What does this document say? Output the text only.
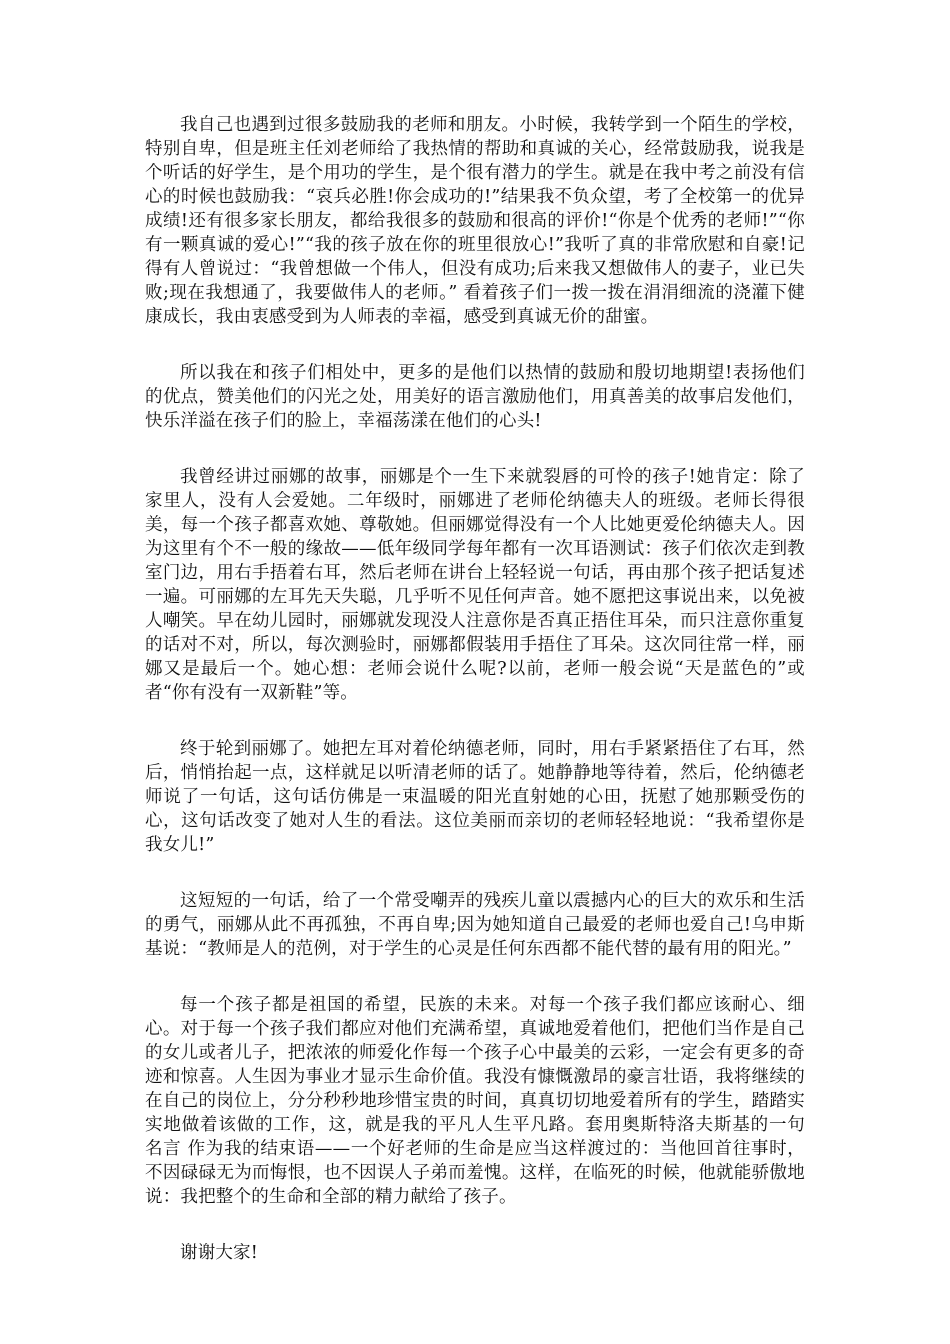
我自己也遇到过很多鼓励我的老师和朋友。小时候，我转学到一个陌生的学校，特别自卑，但是班主任刘老师给了我热情的帮助和真诚的关心，经常鼓励我，说我是个听话的好学生，是个用功的学生，是个很有潜力的学生。就是在我中考之前没有信心的时候也鼓励我：“哀兵必胜!你会成功的!”结果我不负众望，考了全校第一的优异成绩!还有很多家长朋友，都给我很多的鼓励和很高的评价!“你是个优秀的老师!”“你有一颗真诚的爱心!”“我的孩子放在你的班里很放心!”我听了真的非常欣慰和自豪!记得有人曾说过：“我曾想做一个伟人，但没有成功;后来我又想做伟人的妻子，业已失败;现在我想通了，我要做伟人的老师。” 看着孩子们一拨一拨在涓涓细流的浇灌下健康成长，我由衷感受到为人师表的幸福，感受到真诚无价的甜蜜。

所以我在和孩子们相处中，更多的是他们以热情的鼓励和殷切地期望!表扬他们的优点，赞美他们的闪光之处，用美好的语言激励他们，用真善美的故事启发他们，快乐洋溢在孩子们的脸上，幸福荡漾在他们的心头!

我曾经讲过丽娜的故事，丽娜是个一生下来就裂唇的可怜的孩子!她肯定：除了家里人，没有人会爱她。二年级时，丽娜进了老师伦纳德夫人的班级。老师长得很美，每一个孩子都喜欢她、尊敬她。但丽娜觉得没有一个人比她更爱伦纳德夫人。因为这里有个不一般的缘故——低年级同学每年都有一次耳语测试：孩子们依次走到教室门边，用右手捂着右耳，然后老师在讲台上轻轻说一句话，再由那个孩子把话复述一遍。可丽娜的左耳先天失聪，几乎听不见任何声音。她不愿把这事说出来，以免被人嘲笑。早在幼儿园时，丽娜就发现没人注意你是否真正捂住耳朵，而只注意你重复的话对不对，所以，每次测验时，丽娜都假装用手捂住了耳朵。这次同往常一样，丽娜又是最后一个。她心想：老师会说什么呢?以前，老师一般会说“天是蓝色的”或者“你有没有一双新鞋”等。

终于轮到丽娜了。她把左耳对着伦纳德老师，同时，用右手紧紧捂住了右耳，然后，悄悄抬起一点，这样就足以听清老师的话了。她静静地等待着，然后，伦纳德老师说了一句话，这句话仿佛是一束温暖的阳光直射她的心田，抚慰了她那颗受伤的心，这句话改变了她对人生的看法。这位美丽而亲切的老师轻轻地说：“我希望你是我女儿!”

这短短的一句话，给了一个常受嘲弄的残疾儿童以震撼内心的巨大的欢乐和生活的勇气，丽娜从此不再孤独，不再自卑;因为她知道自己最爱的老师也爱自己!乌申斯基说：“教师是人的范例，对于学生的心灵是任何东西都不能代替的最有用的阳光。”

每一个孩子都是祖国的希望，民族的未来。对每一个孩子我们都应该耐心、细心。对于每一个孩子我们都应对他们充满希望，真诚地爱着他们，把他们当作是自己的女儿或者儿子，把浓浓的师爱化作每一个孩子心中最美的云彩，一定会有更多的奇迹和惊喜。人生因为事业才显示生命价值。我没有慷慨激昂的豪言壮语，我将继续的在自己的岗位上，分分秒秒地珍惜宝贵的时间，真真切切地爱着所有的学生，踏踏实实地做着该做的工作，这，就是我的平凡人生平凡路。套用奥斯特洛夫斯基的一句 名言 作为我的结束语——一个好老师的生命是应当这样渡过的：当他回首往事时，不因碌碌无为而悔恨，也不因误人子弟而羞愧。这样，在临死的时候，他就能骄傲地说：我把整个的生命和全部的精力献给了孩子。

谢谢大家!
